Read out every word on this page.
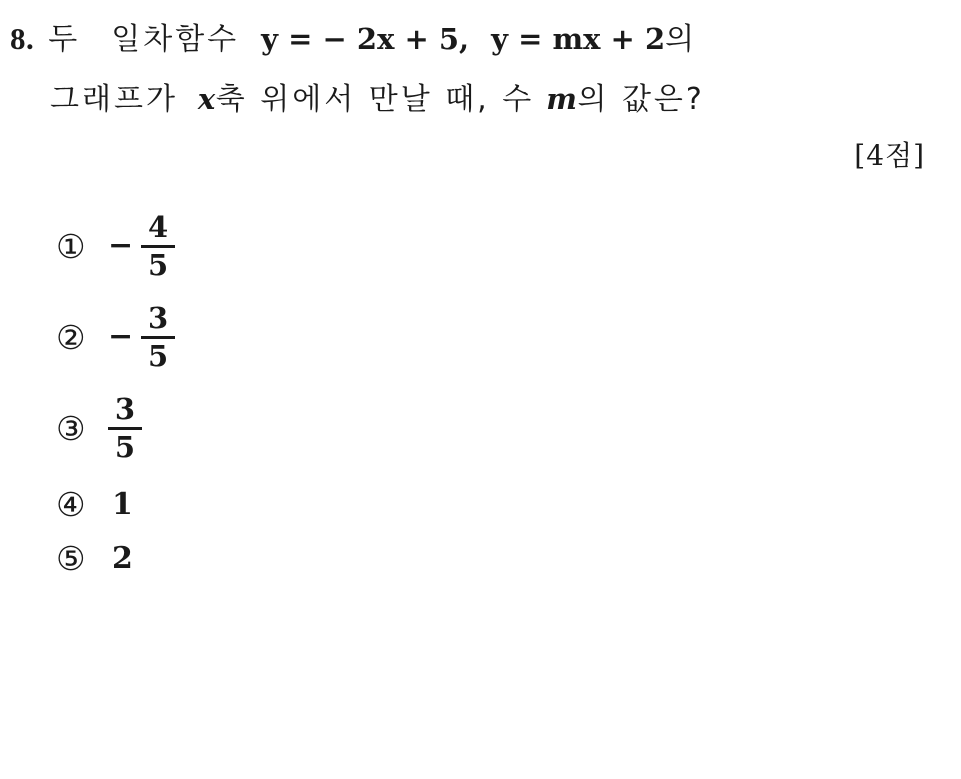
8. 두 일차함수 y = − 2x + 5, y = mx + 2 의
그래프가 x 축 위에서 만날 때, 수 m 의 값은?
[4점]
① − $\frac{4}{5}$
② − $\frac{3}{5}$
③ $\frac{3}{5}$
④ 1
⑤ 2
